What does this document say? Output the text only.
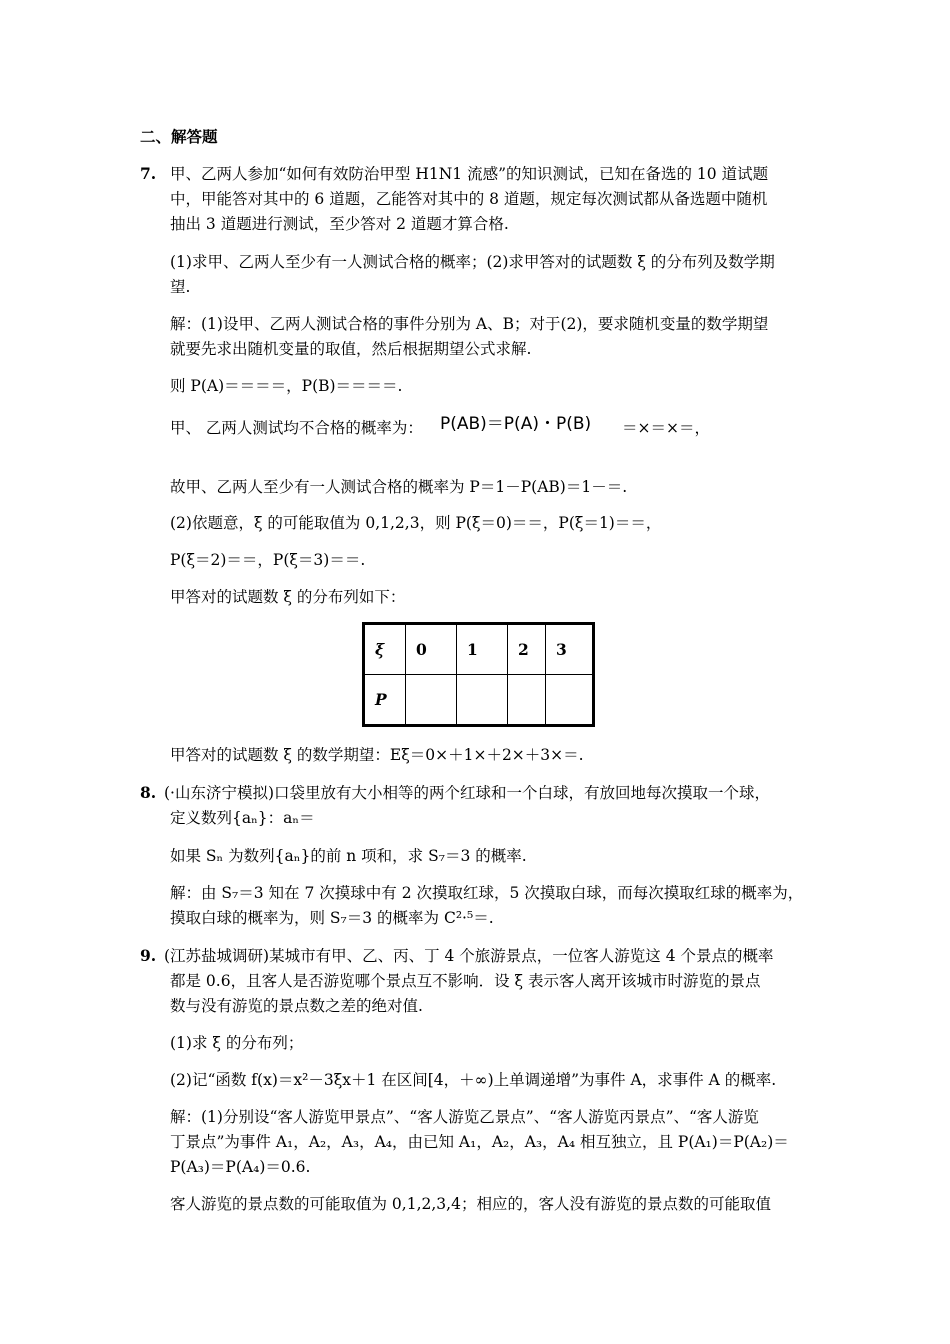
二、解答题
7. 甲、乙两人参加“如何有效防治甲型 H1N1 流感”的知识测试，已知在备选的 10 道试题
中，甲能答对其中的 6 道题，乙能答对其中的 8 道题，规定每次测试都从备选题中随机
抽出 3 道题进行测试，至少答对 2 道题才算合格.
(1)求甲、乙两人至少有一人测试合格的概率；(2)求甲答对的试题数 ξ 的分布列及数学期
望.
解：(1)设甲、乙两人测试合格的事件分别为 A、B；对于(2)，要求随机变量的数学期望
就要先求出随机变量的取值，然后根据期望公式求解.
则 P(A)＝＝＝＝，P(B)＝＝＝＝.
甲、 乙两人测试均不合格的概率为： P(AB)＝P(A)・P(B) ＝×＝×＝，
故甲、乙两人至少有一人测试合格的概率为 P＝1－P(AB)＝1－＝.
(2)依题意，ξ 的可能取值为 0,1,2,3，则 P(ξ＝0)＝＝，P(ξ＝1)＝＝，
P(ξ＝2)＝＝，P(ξ＝3)＝＝.
甲答对的试题数 ξ 的分布列如下：
ξ	0	1	2	3
P				
甲答对的试题数 ξ 的数学期望：Eξ＝0×＋1×＋2×＋3×＝.
8. (·山东济宁模拟)口袋里放有大小相等的两个红球和一个白球，有放回地每次摸取一个球，
定义数列{aₙ}：aₙ＝
如果 Sₙ 为数列{aₙ}的前 n 项和，求 S₇＝3 的概率.
解：由 S₇＝3 知在 7 次摸球中有 2 次摸取红球，5 次摸取白球，而每次摸取红球的概率为，
摸取白球的概率为，则 S₇＝3 的概率为 C²·⁵＝.
9. (江苏盐城调研)某城市有甲、乙、丙、丁 4 个旅游景点，一位客人游览这 4 个景点的概率
都是 0.6，且客人是否游览哪个景点互不影响．设 ξ 表示客人离开该城市时游览的景点
数与没有游览的景点数之差的绝对值.
(1)求 ξ 的分布列；
(2)记“函数 f(x)＝x²－3ξx＋1 在区间[4，＋∞)上单调递增”为事件 A，求事件 A 的概率.
解：(1)分别设“客人游览甲景点”、“客人游览乙景点”、“客人游览丙景点”、“客人游览
丁景点”为事件 A₁，A₂，A₃，A₄，由已知 A₁，A₂，A₃，A₄ 相互独立，且 P(A₁)＝P(A₂)＝
P(A₃)＝P(A₄)＝0.6.
客人游览的景点数的可能取值为 0,1,2,3,4；相应的，客人没有游览的景点数的可能取值
